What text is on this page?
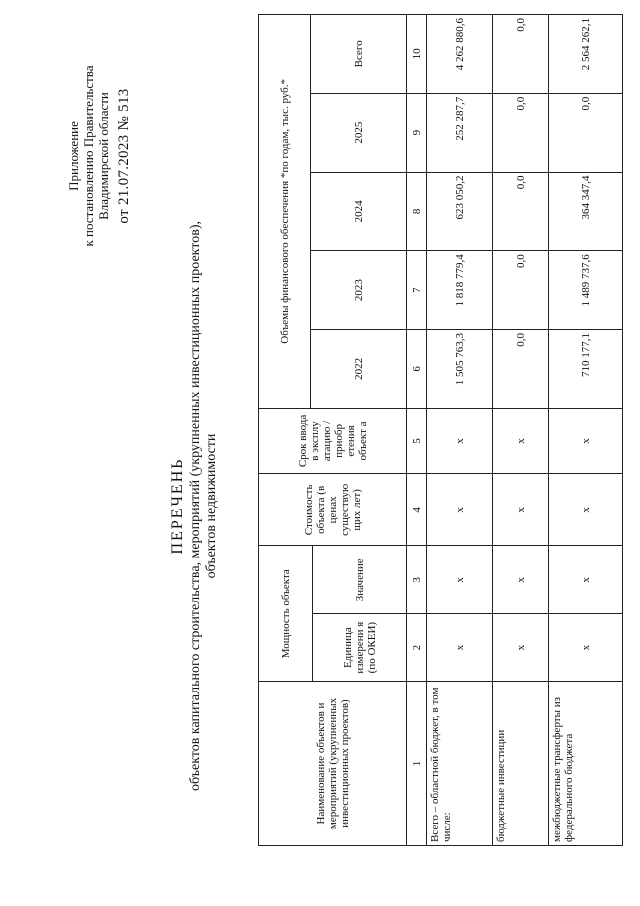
Приложение к постановлению Правительства Владимирской области от 21.07.2023 № 513
ПЕРЕЧЕНЬ объектов капитального строительства, мероприятий (укрупненных инвестиционных проектов), объектов недвижимости
Наименование объектов и мероприятий (укрупненных инвестиционных проектов)	Мощность объекта		Стоимость объекта (в ценах существую щих лет)	Срок ввода в эксплу атацию / приобр етения объект а	Объемы финансового обеспечения *по годам, тыс. руб.*				
					2022	2023	2024	2025	Всего
	Единица измерени я (по ОКЕИ)	Значение							
1	2	3	4	5	6	7	8	9	10
Всего – областной бюджет, в том числе:	х	х	х	х	1 505 763,3	1 818 779,4	623 050,2	252 287,7	4 262 880,6
бюджетные инвестиции	х	х	х	х	0,0	0,0	0,0	0,0	0,0
межбюджетные трансферты из федерального бюджета	х	х	х	х	710 177,1	1 489 737,6	364 347,4	0,0	2 564 262,1
